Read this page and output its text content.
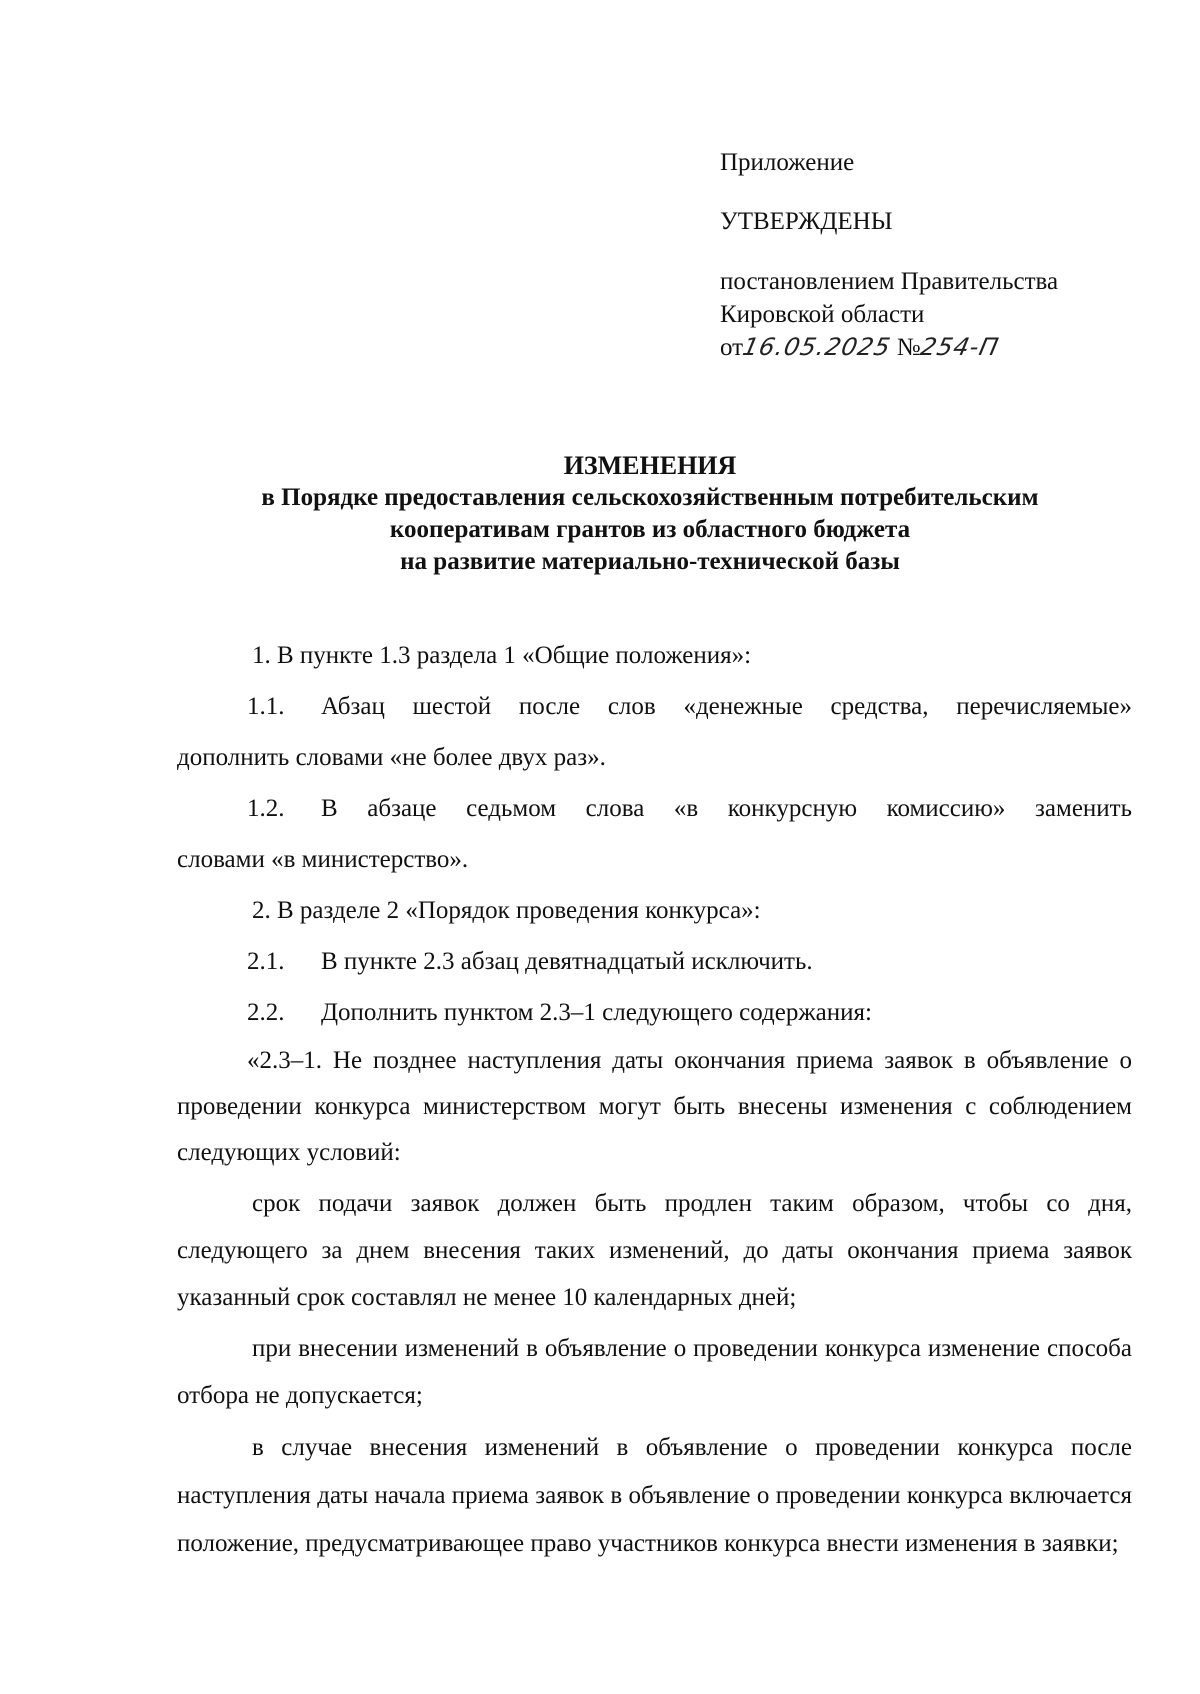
Приложение
УТВЕРЖДЕНЫ
постановлением Правительства
Кировской области
от16.05.2025 №254-П
ИЗМЕНЕНИЯ
в Порядке предоставления сельскохозяйственным потребительским
кооперативам грантов из областного бюджета
на развитие материально-технической базы
1. В пункте 1.3 раздела 1 «Общие положения»:
1.1.	Абзац шестой после слов «денежные средства, перечисляемые»
дополнить словами «не более двух раз».
1.2.	В абзаце седьмом слова «в конкурсную комиссию» заменить
словами «в министерство».
2. В разделе 2 «Порядок проведения конкурса»:
2.1.	В пункте 2.3 абзац девятнадцатый исключить.
2.2.	Дополнить пунктом 2.3–1 следующего содержания:
«2.3–1. Не позднее наступления даты окончания приема заявок в объявление о проведении конкурса министерством могут быть внесены изменения с соблюдением следующих условий:
срок подачи заявок должен быть продлен таким образом, чтобы со дня, следующего за днем внесения таких изменений, до даты окончания приема заявок указанный срок составлял не менее 10 календарных дней;
при внесении изменений в объявление о проведении конкурса изменение способа отбора не допускается;
в случае внесения изменений в объявление о проведении конкурса после наступления даты начала приема заявок в объявление о проведении конкурса включается положение, предусматривающее право участников конкурса внести изменения в заявки;
